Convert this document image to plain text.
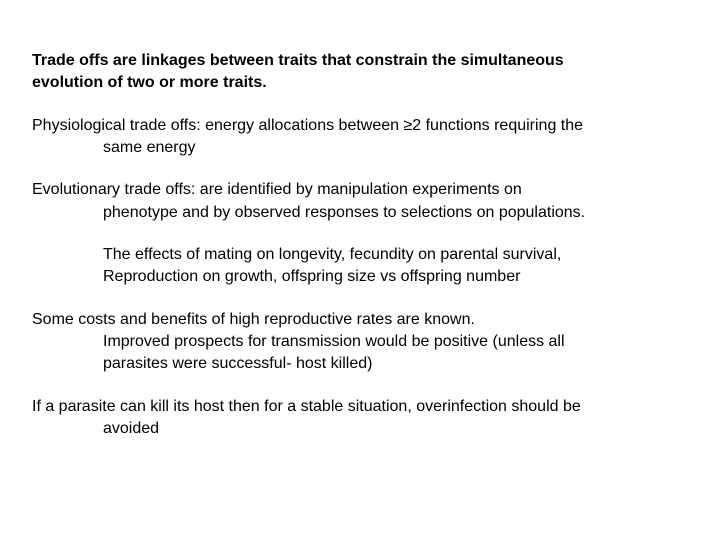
Trade offs are linkages between traits that constrain the simultaneous
evolution of two or more traits.
Physiological trade offs: energy allocations between ≥2 functions requiring the
same energy
Evolutionary trade offs: are identified by manipulation experiments on
phenotype and by observed responses to selections on populations.
The effects of mating on longevity, fecundity on parental survival,
Reproduction on growth, offspring size vs offspring number
Some costs and benefits of high reproductive rates are known.
Improved prospects for transmission would be positive (unless all
parasites were successful- host killed)
If a parasite can kill its host then for a stable situation, overinfection should be
avoided
